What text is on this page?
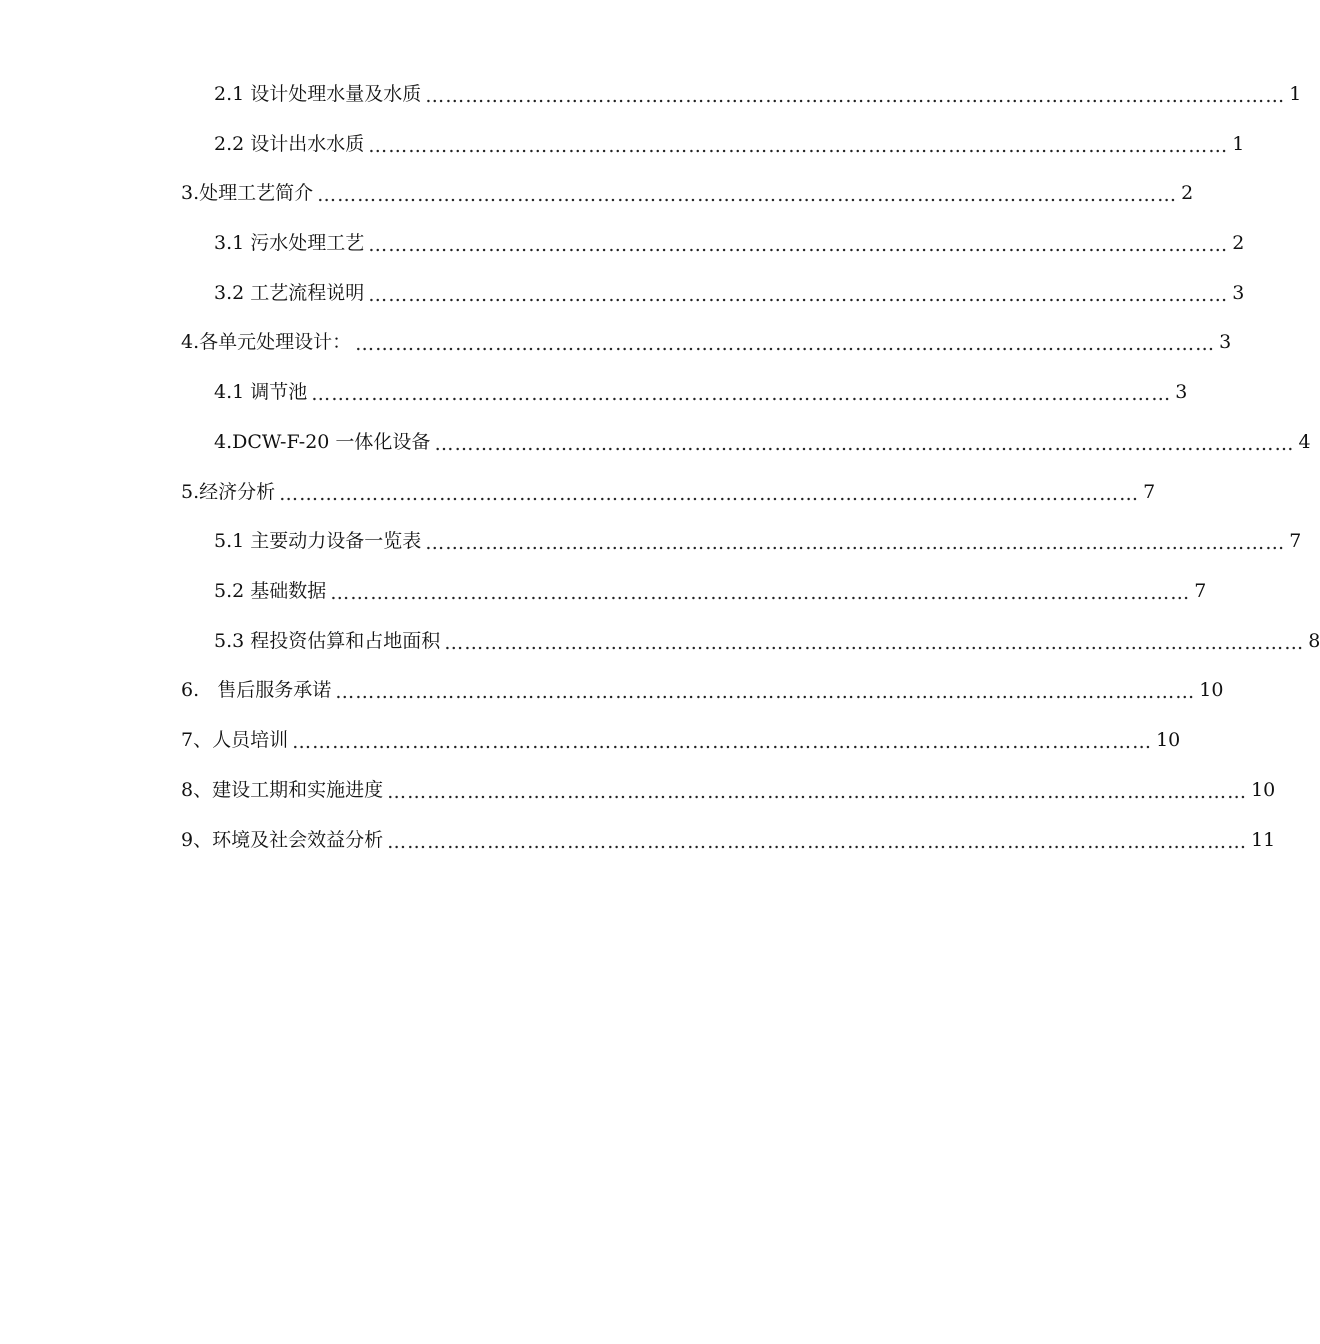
2.1 设计处理水量及水质 ………………………………………………………………………………………………………………… 1
2.2 设计出水水质 ………………………………………………………………………………………………………………… 1
3.处理工艺简介 ………………………………………………………………………………………………………………… 2
3.1 污水处理工艺 ………………………………………………………………………………………………………………… 2
3.2 工艺流程说明 ………………………………………………………………………………………………………………… 3
4.各单元处理设计： ………………………………………………………………………………………………………………… 3
4.1 调节池 ………………………………………………………………………………………………………………… 3
4.DCW-F-20 一体化设备 ………………………………………………………………………………………………………………… 4
5.经济分析 ………………………………………………………………………………………………………………… 7
5.1 主要动力设备一览表 ………………………………………………………………………………………………………………… 7
5.2 基础数据 ………………………………………………………………………………………………………………… 7
5.3 程投资估算和占地面积 ………………………………………………………………………………………………………………… 8
6.   售后服务承诺 ………………………………………………………………………………………………………………… 10
7、人员培训 ………………………………………………………………………………………………………………… 10
8、建设工期和实施进度 ………………………………………………………………………………………………………………… 10
9、环境及社会效益分析 ………………………………………………………………………………………………………………… 11
